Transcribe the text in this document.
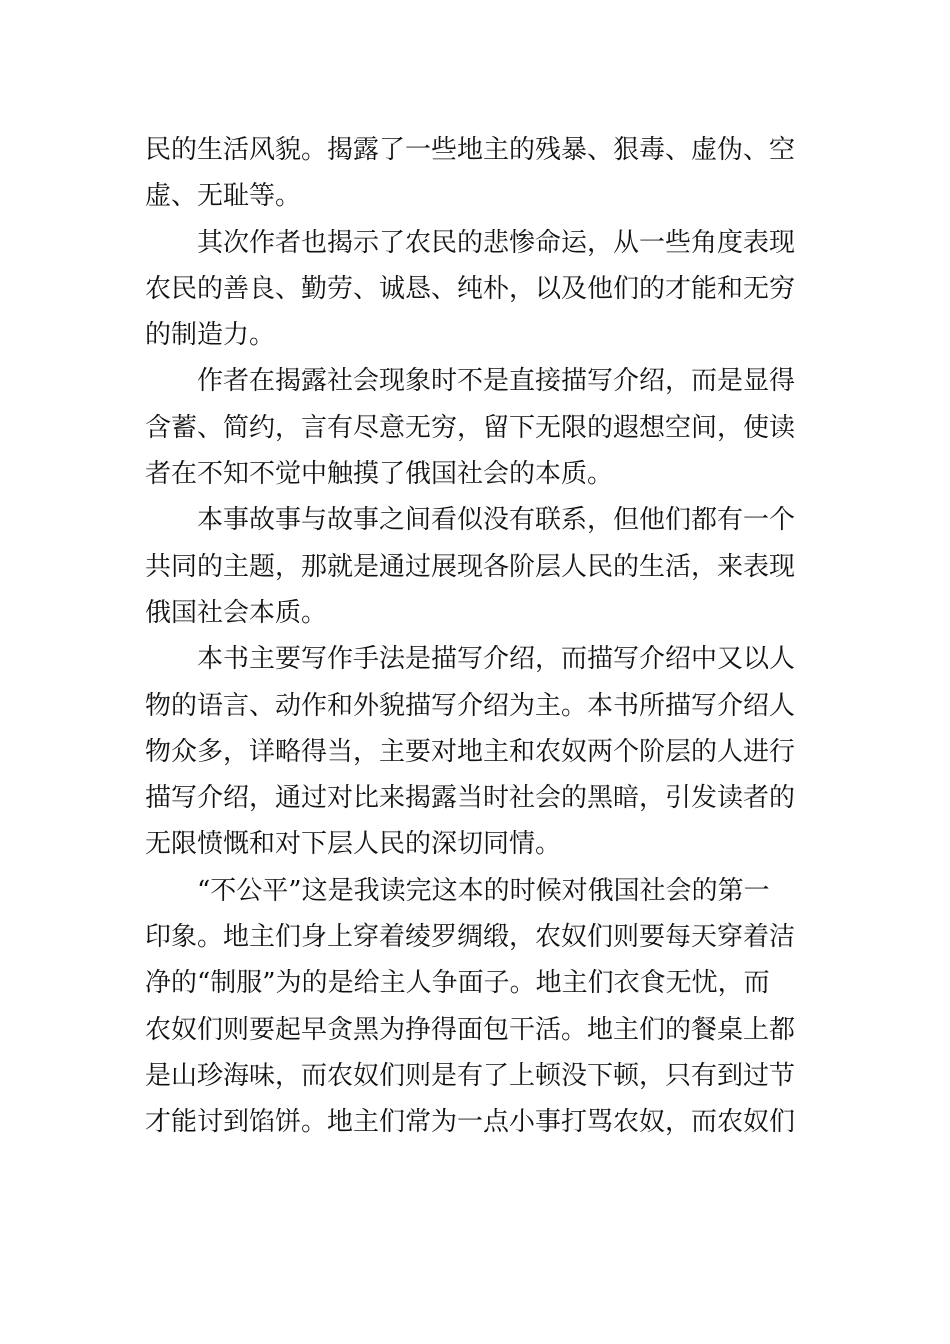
民的生活风貌。揭露了一些地主的残暴、狠毒、虚伪、空
虚、无耻等。
其次作者也揭示了农民的悲惨命运，从一些角度表现
农民的善良、勤劳、诚恳、纯朴，以及他们的才能和无穷
的制造力。
作者在揭露社会现象时不是直接描写介绍，而是显得
含蓄、简约，言有尽意无穷，留下无限的遐想空间，使读
者在不知不觉中触摸了俄国社会的本质。
本事故事与故事之间看似没有联系，但他们都有一个
共同的主题，那就是通过展现各阶层人民的生活，来表现
俄国社会本质。
本书主要写作手法是描写介绍，而描写介绍中又以人
物的语言、动作和外貌描写介绍为主。本书所描写介绍人
物众多，详略得当，主要对地主和农奴两个阶层的人进行
描写介绍，通过对比来揭露当时社会的黑暗，引发读者的
无限愤慨和对下层人民的深切同情。
“不公平”这是我读完这本的时候对俄国社会的第一
印象。地主们身上穿着绫罗绸缎，农奴们则要每天穿着洁
净的“制服”为的是给主人争面子。地主们衣食无忧，而
农奴们则要起早贪黑为挣得面包干活。地主们的餐桌上都
是山珍海味，而农奴们则是有了上顿没下顿，只有到过节
才能讨到馅饼。地主们常为一点小事打骂农奴，而农奴们
